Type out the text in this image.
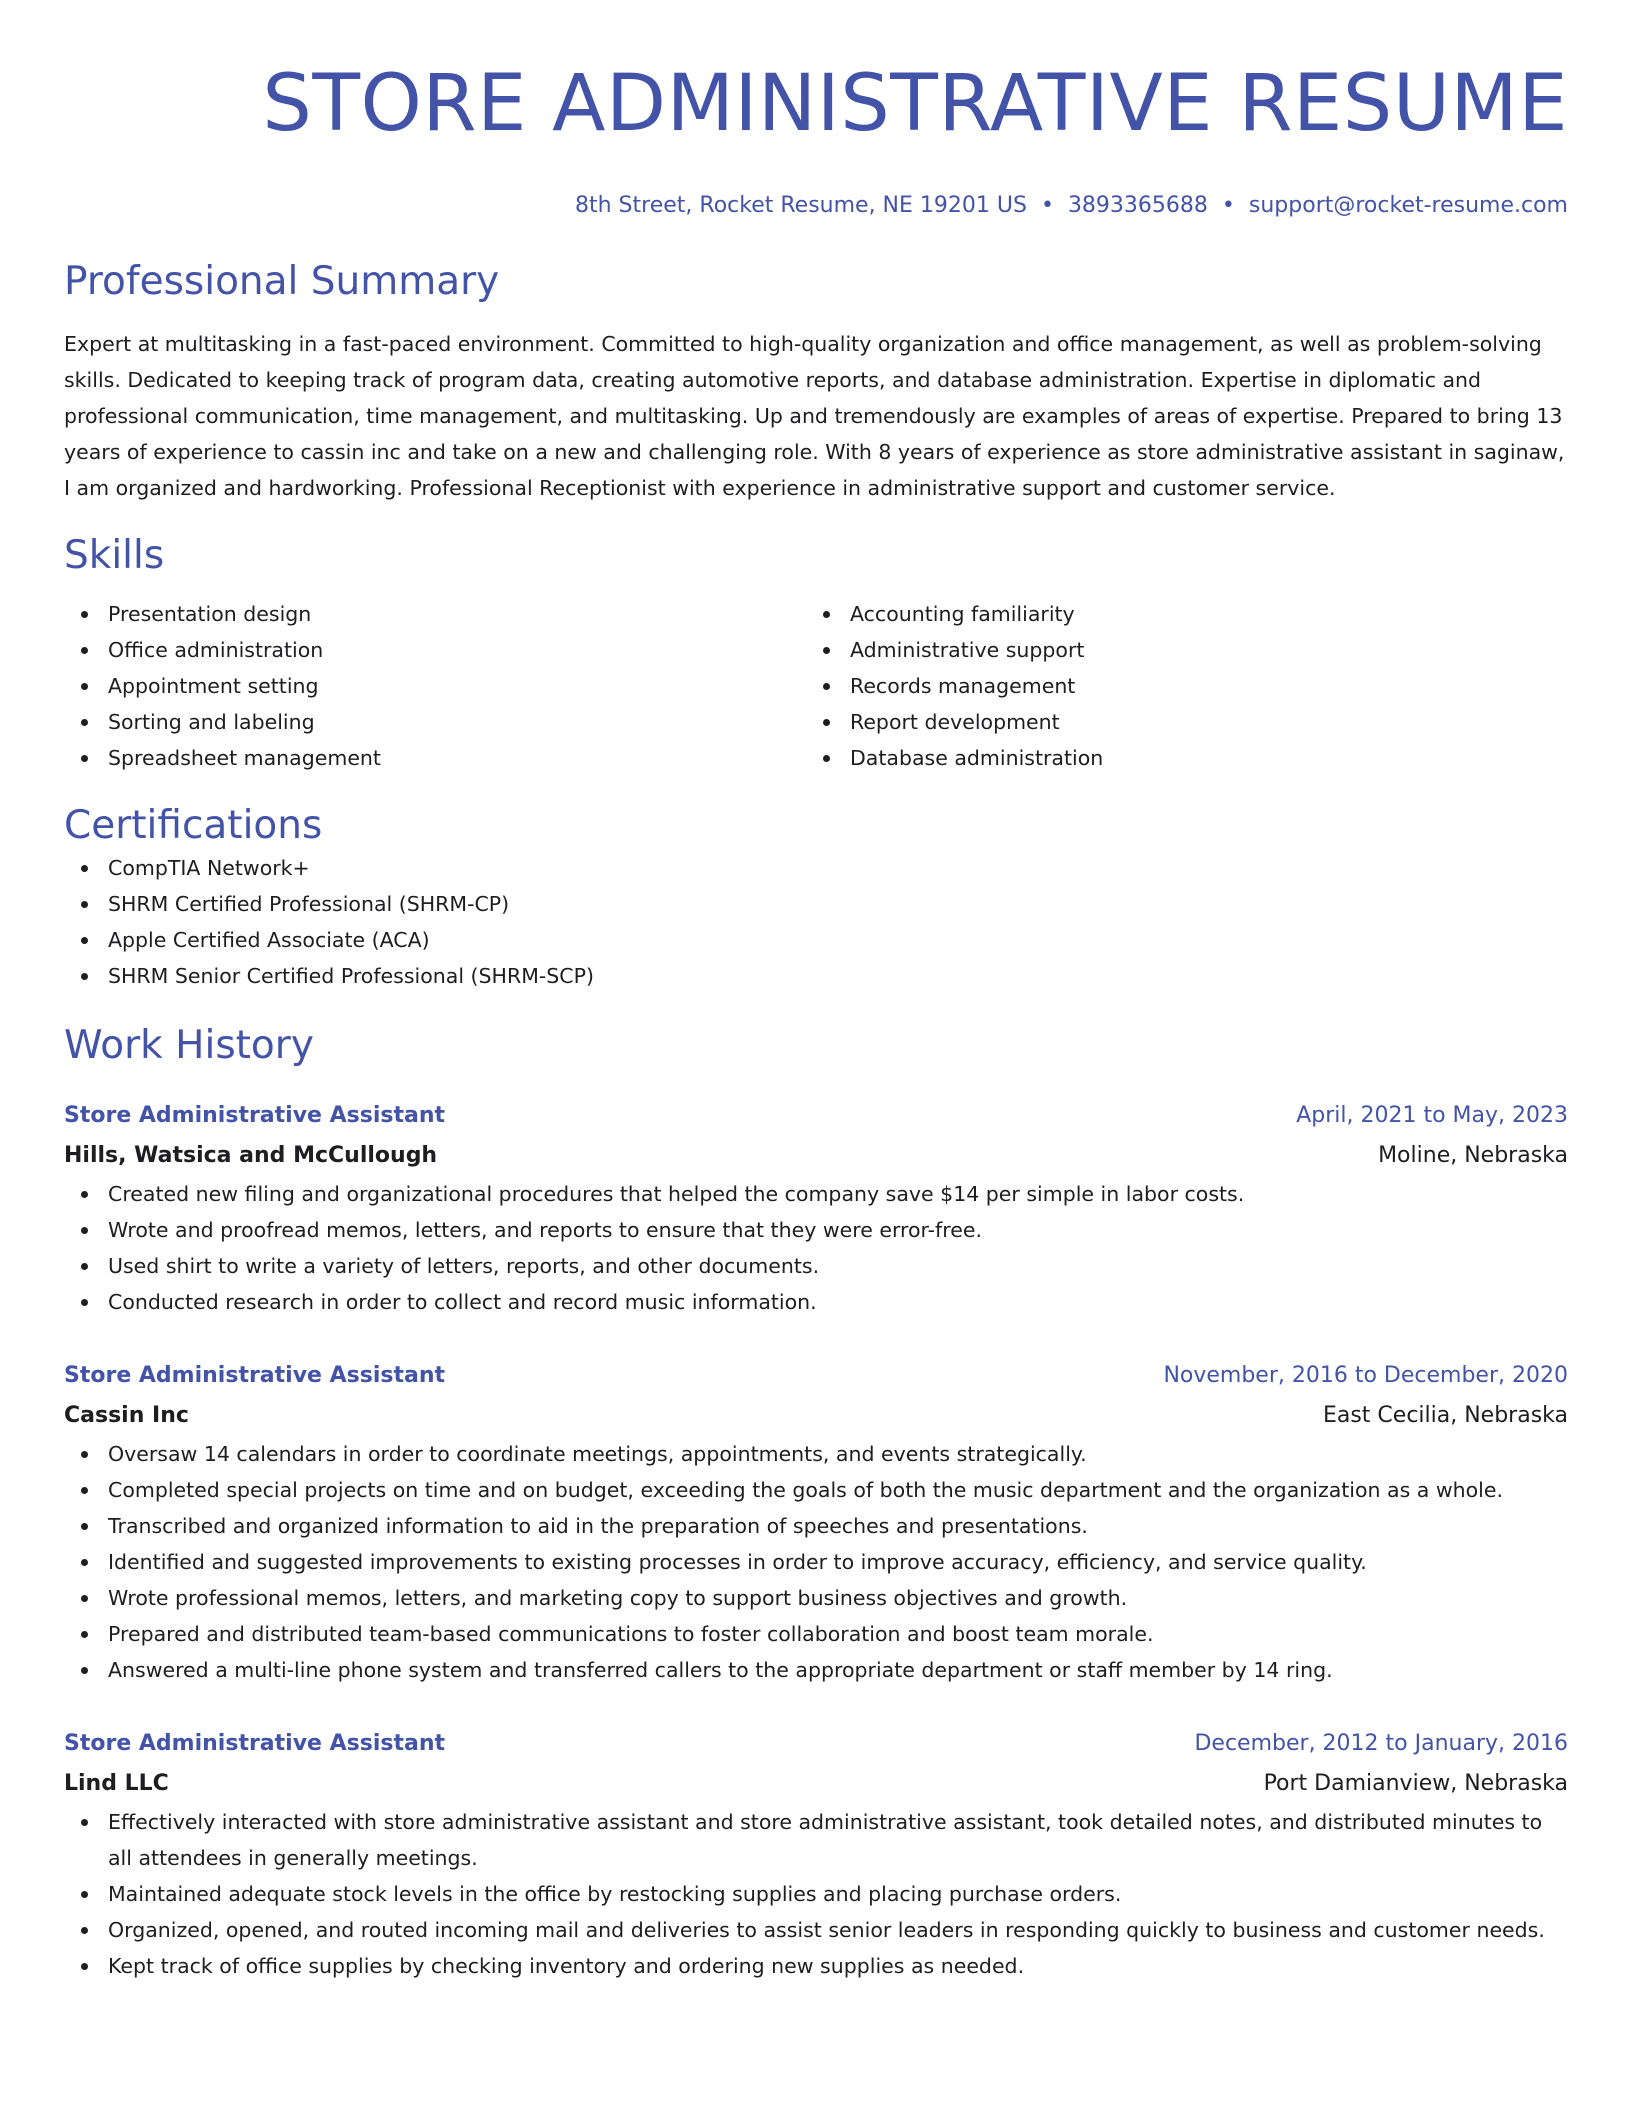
STORE ADMINISTRATIVE RESUME
8th Street, Rocket Resume, NE 19201 US • 3893365688 • support@rocket-resume.com
Professional Summary

Expert at multitasking in a fast-paced environment. Committed to high-quality organization and office management, as well as problem-solving skills. Dedicated to keeping track of program data, creating automotive reports, and database administration. Expertise in diplomatic and professional communication, time management, and multitasking. Up and tremendously are examples of areas of expertise. Prepared to bring 13 years of experience to cassin inc and take on a new and challenging role. With 8 years of experience as store administrative assistant in saginaw, I am organized and hardworking. Professional Receptionist with experience in administrative support and customer service.

Skills
Presentation design
Office administration
Appointment setting
Sorting and labeling
Spreadsheet management
Accounting familiarity
Administrative support
Records management
Report development
Database administration
Certifications
CompTIA Network+
SHRM Certified Professional (SHRM-CP)
Apple Certified Associate (ACA)
SHRM Senior Certified Professional (SHRM-SCP)
Work History
Store Administrative Assistant	April, 2021 to May, 2023
Hills, Watsica and McCullough	Moline, Nebraska
Created new filing and organizational procedures that helped the company save $14 per simple in labor costs.
Wrote and proofread memos, letters, and reports to ensure that they were error-free.
Used shirt to write a variety of letters, reports, and other documents.
Conducted research in order to collect and record music information.
Store Administrative Assistant	November, 2016 to December, 2020
Cassin Inc	East Cecilia, Nebraska
Oversaw 14 calendars in order to coordinate meetings, appointments, and events strategically.
Completed special projects on time and on budget, exceeding the goals of both the music department and the organization as a whole.
Transcribed and organized information to aid in the preparation of speeches and presentations.
Identified and suggested improvements to existing processes in order to improve accuracy, efficiency, and service quality.
Wrote professional memos, letters, and marketing copy to support business objectives and growth.
Prepared and distributed team-based communications to foster collaboration and boost team morale.
Answered a multi-line phone system and transferred callers to the appropriate department or staff member by 14 ring.
Store Administrative Assistant	December, 2012 to January, 2016
Lind LLC	Port Damianview, Nebraska
Effectively interacted with store administrative assistant and store administrative assistant, took detailed notes, and distributed minutes to all attendees in generally meetings.
Maintained adequate stock levels in the office by restocking supplies and placing purchase orders.
Organized, opened, and routed incoming mail and deliveries to assist senior leaders in responding quickly to business and customer needs.
Kept track of office supplies by checking inventory and ordering new supplies as needed.
